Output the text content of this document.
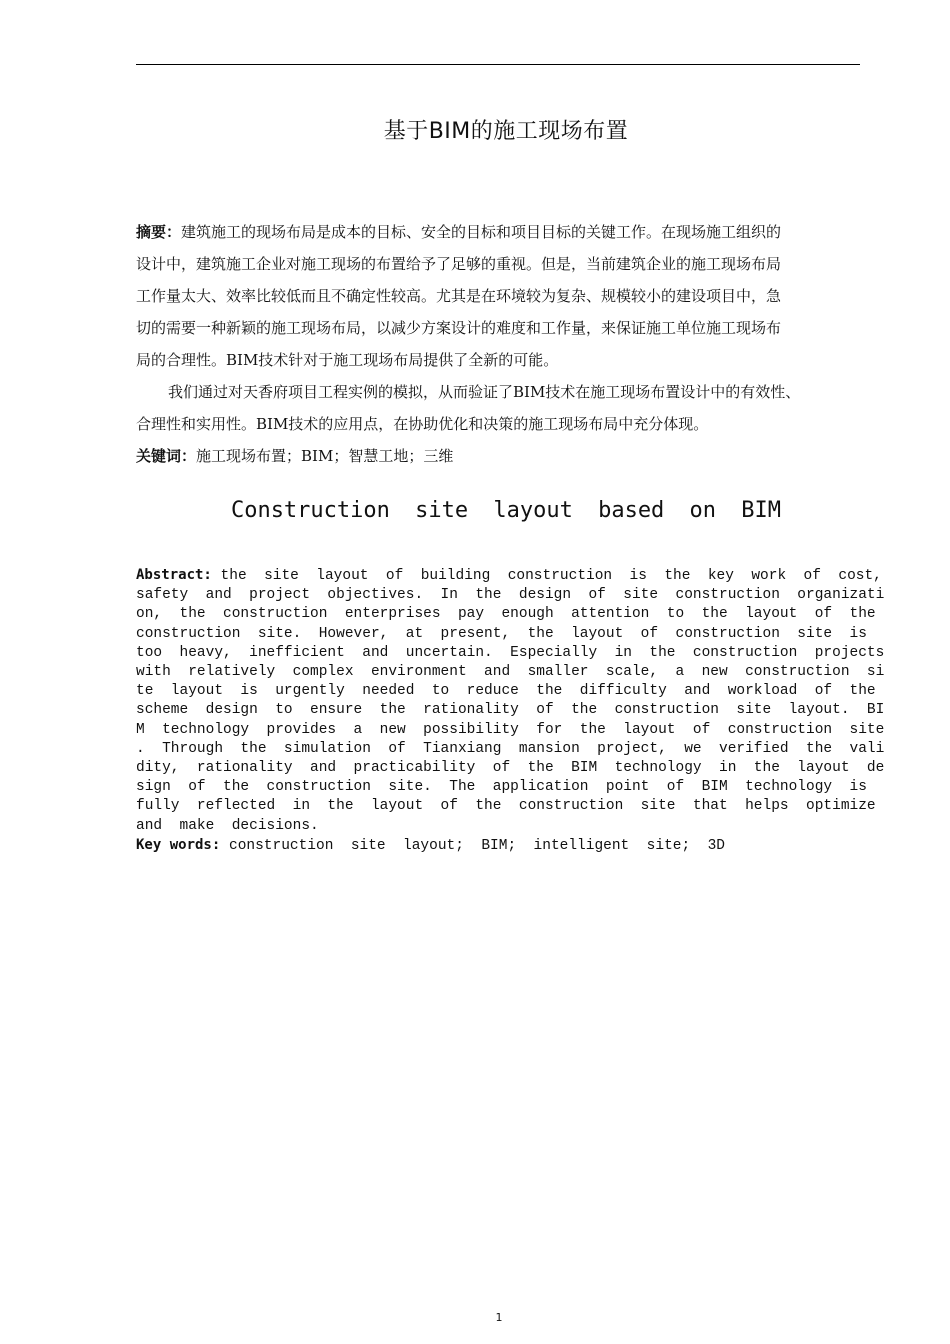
基于BIM的施工现场布置

摘要：建筑施工的现场布局是成本的目标、安全的目标和项目目标的关键工作。在现场施工组织的

设计中，建筑施工企业对施工现场的布置给予了足够的重视。但是，当前建筑企业的施工现场布局

工作量太大、效率比较低而且不确定性较高。尤其是在环境较为复杂、规模较小的建设项目中，急

切的需要一种新颖的施工现场布局，以减少方案设计的难度和工作量，来保证施工单位施工现场布

局的合理性。BIM技术针对于施工现场布局提供了全新的可能。

我们通过对天香府项目工程实例的模拟，从而验证了BIM技术在施工现场布置设计中的有效性、

合理性和实用性。BIM技术的应用点，在协助优化和决策的施工现场布局中充分体现。

关键词：施工现场布置；BIM；智慧工地；三维

Construction site layout based on BIM
Abstract: the  site  layout  of  building  construction  is  the  key  work  of  cost,
safety  and  project  objectives.  In  the  design  of  site  construction  organizati
on,  the  construction  enterprises  pay  enough  attention  to  the  layout  of  the
construction  site.  However,  at  present,  the  layout  of  construction  site  is
too  heavy,  inefficient  and  uncertain.  Especially  in  the  construction  projects
with  relatively  complex  environment  and  smaller  scale,  a  new  construction  si
te  layout  is  urgently  needed  to  reduce  the  difficulty  and  workload  of  the
scheme  design  to  ensure  the  rationality  of  the  construction  site  layout.  BI
M  technology  provides  a  new  possibility  for  the  layout  of  construction  site
.  Through  the  simulation  of  Tianxiang  mansion  project,  we  verified  the  vali
dity,  rationality  and  practicability  of  the  BIM  technology  in  the  layout  de
sign  of  the  construction  site.  The  application  point  of  BIM  technology  is
fully  reflected  in  the  layout  of  the  construction  site  that  helps  optimize
and  make  decisions.
Key words: construction  site  layout;  BIM;  intelligent  site;  3D
1
